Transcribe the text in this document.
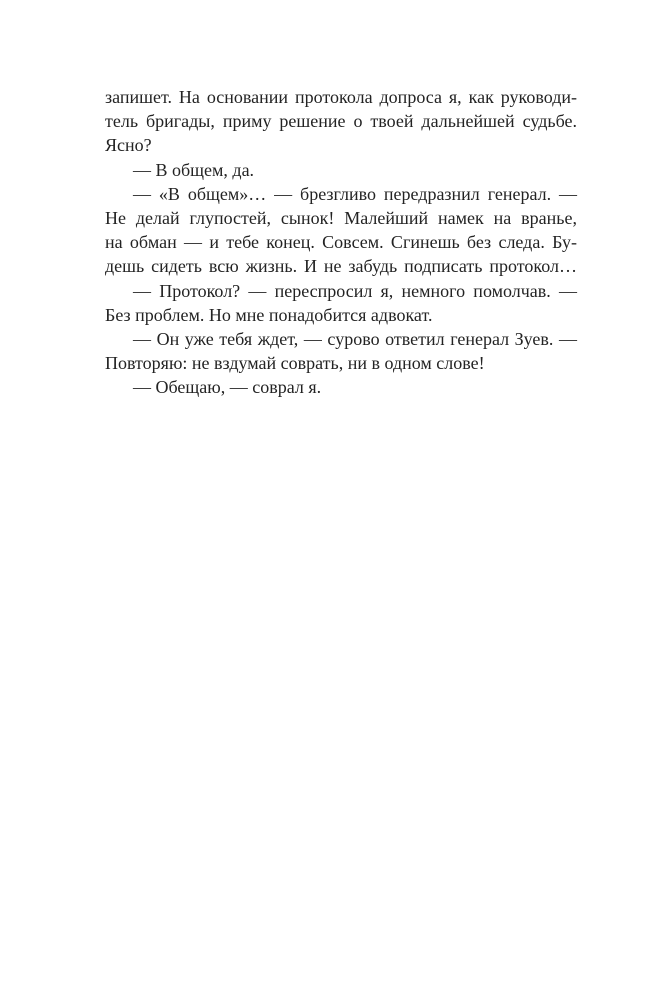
запишет. На основании протокола допроса я, как руководи-
тель бригады, приму решение о твоей дальнейшей судьбе.
Ясно?
— В общем, да.
— «В общем»… — брезгливо передразнил генерал. —
Не делай глупостей, сынок! Малейший намек на вранье,
на обман — и тебе конец. Совсем. Сгинешь без следа. Бу-
дешь сидеть всю жизнь. И не забудь подписать протокол…
— Протокол? — переспросил я, немного помолчав. —
Без проблем. Но мне понадобится адвокат.
— Он уже тебя ждет, — сурово ответил генерал Зуев. —
Повторяю: не вздумай соврать, ни в одном слове!
— Обещаю, — соврал я.
